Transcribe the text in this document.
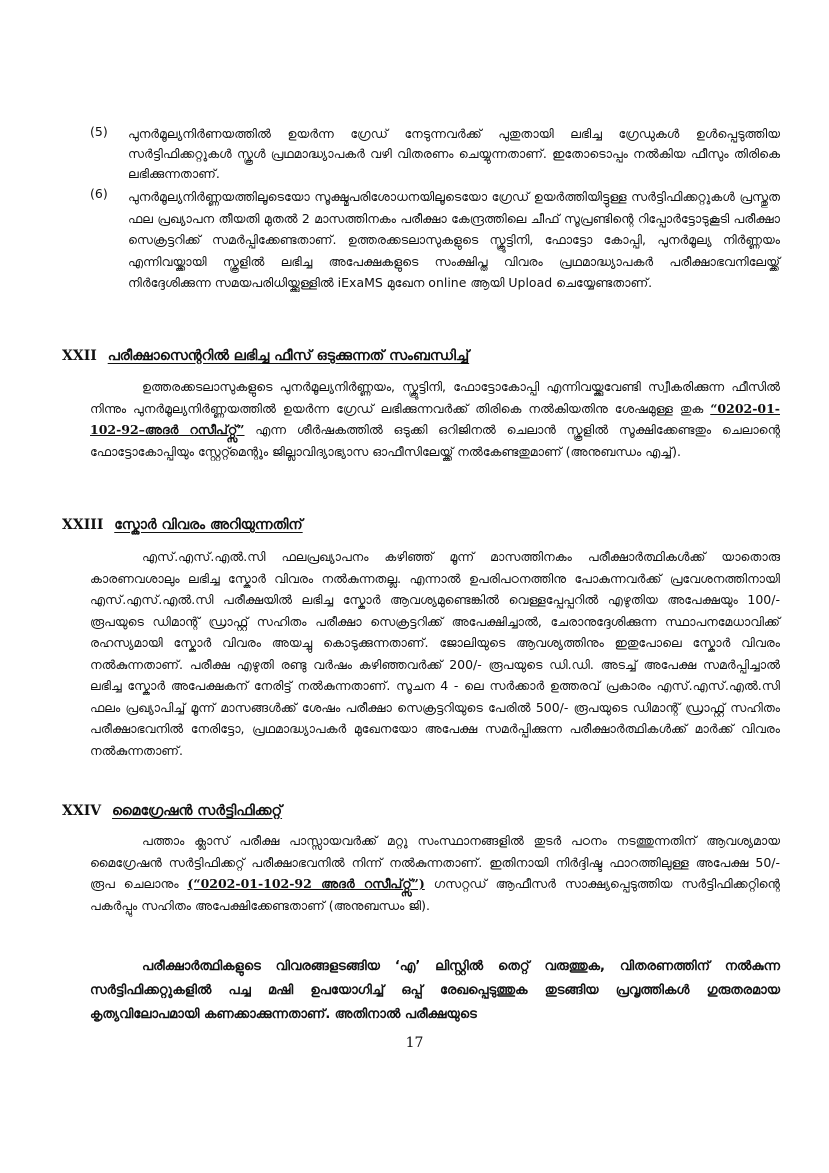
(5) പുനർമൂല്യനിർണയത്തിൽ ഉയർന്ന ഗ്രേഡ് നേടുന്നവർക്ക് പുതുതായി ലഭിച്ച ഗ്രേഡുകൾ ഉൾപ്പെടുത്തിയ സർട്ടിഫിക്കറ്റുകൾ സ്കൂൾ പ്രഥമാദ്ധ്യാപകർ വഴി വിതരണം ചെയ്യുന്നതാണ്. ഇതോടൊപ്പം നൽകിയ ഫീസും തിരികെ ലഭിക്കുന്നതാണ്.
(6) പുനർമൂല്യനിർണ്ണയത്തിലൂടെയോ സൂക്ഷ്മപരിശോധനയിലൂടെയോ ഗ്രേഡ് ഉയർത്തിയിട്ടുള്ള സർട്ടിഫിക്കറ്റുകൾ പ്രസ്തുത ഫല പ്രഖ്യാപന തീയതി മുതൽ 2 മാസത്തിനകം പരീക്ഷാ കേന്ദ്രത്തിലെ ചീഫ് സൂപ്രണ്ടിന്റെ റിപ്പോർട്ടോടുകൂടി പരീക്ഷാ സെക്രട്ടറിക്ക് സമർപ്പിക്കേണ്ടതാണ്. ഉത്തരക്കടലാസുകളുടെ സ്ക്രൂട്ടിനി, ഫോട്ടോ കോപ്പി, പുനർമൂല്യ നിർണ്ണയം എന്നിവയ്ക്കായി സ്കൂളിൽ ലഭിച്ച അപേക്ഷകളുടെ സംക്ഷിപ്ത വിവരം പ്രഥമാദ്ധ്യാപകർ പരീക്ഷാഭവനിലേയ്ക്ക് നിർദ്ദേശിക്കുന്ന സമയപരിധിയ്ക്കുള്ളിൽ iExaMS മുഖേന online ആയി Upload ചെയ്യേണ്ടതാണ്.
XXII പരീക്ഷാസെന്ററിൽ ലഭിച്ച ഫീസ് ഒടുക്കുന്നത് സംബന്ധിച്ച്
ഉത്തരക്കടലാസുകളുടെ പുനർമൂല്യനിർണ്ണയം, സ്ക്രൂട്ടിനി, ഫോട്ടോകോപ്പി എന്നിവയ്ക്കുവേണ്ടി സ്വീകരിക്കുന്ന ഫീസിൽ നിന്നും പുനർമൂല്യനിർണ്ണയത്തിൽ ഉയർന്ന ഗ്രേഡ് ലഭിക്കുന്നവർക്ക് തിരികെ നൽകിയതിനു ശേഷമുള്ള തുക “0202-01-102-92–അദർ റസീപ്റ്റ്സ്” എന്ന ശീർഷകത്തിൽ ഒടുക്കി ഒറിജിനൽ ചെലാൻ സ്കൂളിൽ സൂക്ഷിക്കേണ്ടതും ചെലാന്റെ ഫോട്ടോകോപ്പിയും സ്റ്റേറ്റ്മെന്റും ജില്ലാവിദ്യാഭ്യാസ ഓഫീസിലേയ്ക്ക് നൽകേണ്ടതുമാണ് (അനുബന്ധം എച്ച്).
XXIII സ്കോർ വിവരം അറിയുന്നതിന്
എസ്.എസ്.എൽ.സി ഫലപ്രഖ്യാപനം കഴിഞ്ഞ് മൂന്ന് മാസത്തിനകം പരീക്ഷാർത്ഥികൾക്ക് യാതൊരു കാരണവശാലും ലഭിച്ച സ്കോർ വിവരം നൽകുന്നതല്ല. എന്നാൽ ഉപരിപഠനത്തിനു പോകുന്നവർക്ക് പ്രവേശനത്തിനായി എസ്.എസ്.എൽ.സി പരീക്ഷയിൽ ലഭിച്ച സ്കോർ ആവശ്യമുണ്ടെങ്കിൽ വെള്ളപ്പേപ്പറിൽ എഴുതിയ അപേക്ഷയും 100/- രൂപയുടെ ഡിമാന്റ് ഡ്രാഫ്റ്റ് സഹിതം പരീക്ഷാ സെക്രട്ടറിക്ക് അപേക്ഷിച്ചാൽ, ചേരാനുദ്ദേശിക്കുന്ന സ്ഥാപനമേധാവിക്ക് രഹസ്യമായി സ്കോർ വിവരം അയച്ചു കൊടുക്കുന്നതാണ്. ജോലിയുടെ ആവശ്യത്തിനും ഇതുപോലെ സ്കോർ വിവരം നൽകുന്നതാണ്. പരീക്ഷ എഴുതി രണ്ടു വർഷം കഴിഞ്ഞവർക്ക് 200/- രൂപയുടെ ഡി.ഡി. അടച്ച് അപേക്ഷ സമർപ്പിച്ചാൽ ലഭിച്ച സ്കോർ അപേക്ഷകന് നേരിട്ട് നൽകുന്നതാണ്. സൂചന 4 - ലെ സർക്കാർ ഉത്തരവ് പ്രകാരം എസ്.എസ്.എൽ.സി ഫലം പ്രഖ്യാപിച്ച് മൂന്ന് മാസങ്ങൾക്ക് ശേഷം പരീക്ഷാ സെക്രട്ടറിയുടെ പേരിൽ 500/- രൂപയുടെ ഡിമാന്റ് ഡ്രാഫ്റ്റ് സഹിതം പരീക്ഷാഭവനിൽ നേരിട്ടോ, പ്രഥമാദ്ധ്യാപകർ മുഖേനയോ അപേക്ഷ സമർപ്പിക്കുന്ന പരീക്ഷാർത്ഥികൾക്ക് മാർക്ക് വിവരം നൽകുന്നതാണ്.
XXIV മൈഗ്രേഷൻ സർട്ടിഫിക്കറ്റ്
പത്താം ക്ലാസ് പരീക്ഷ പാസ്സായവർക്ക് മറ്റു സംസ്ഥാനങ്ങളിൽ തുടർ പഠനം നടത്തുന്നതിന് ആവശ്യമായ മൈഗ്രേഷൻ സർട്ടിഫിക്കറ്റ് പരീക്ഷാഭവനിൽ നിന്ന് നൽകുന്നതാണ്. ഇതിനായി നിർദ്ദിഷ്ട ഫാറത്തിലുള്ള അപേക്ഷ 50/- രൂപ ചെലാനും (“0202-01-102-92 അദർ റസീപ്റ്റ്സ്”) ഗസറ്റഡ് ആഫീസർ സാക്ഷ്യപ്പെടുത്തിയ സർട്ടിഫിക്കറ്റിന്റെ പകർപ്പും സഹിതം അപേക്ഷിക്കേണ്ടതാണ് (അനുബന്ധം ജി).
പരീക്ഷാർത്ഥികളുടെ വിവരങ്ങളടങ്ങിയ ‘എ’ ലിസ്റ്റിൽ തെറ്റ് വരുത്തുക, വിതരണത്തിന് നൽകുന്ന സർട്ടിഫിക്കറ്റുകളിൽ പച്ച മഷി ഉപയോഗിച്ച് ഒപ്പ് രേഖപ്പെടുത്തുക തുടങ്ങിയ പ്രവൃത്തികൾ ഗുരുതരമായ കൃത്യവിലോപമായി കണക്കാക്കുന്നതാണ്. അതിനാൽ പരീക്ഷയുടെ
17
